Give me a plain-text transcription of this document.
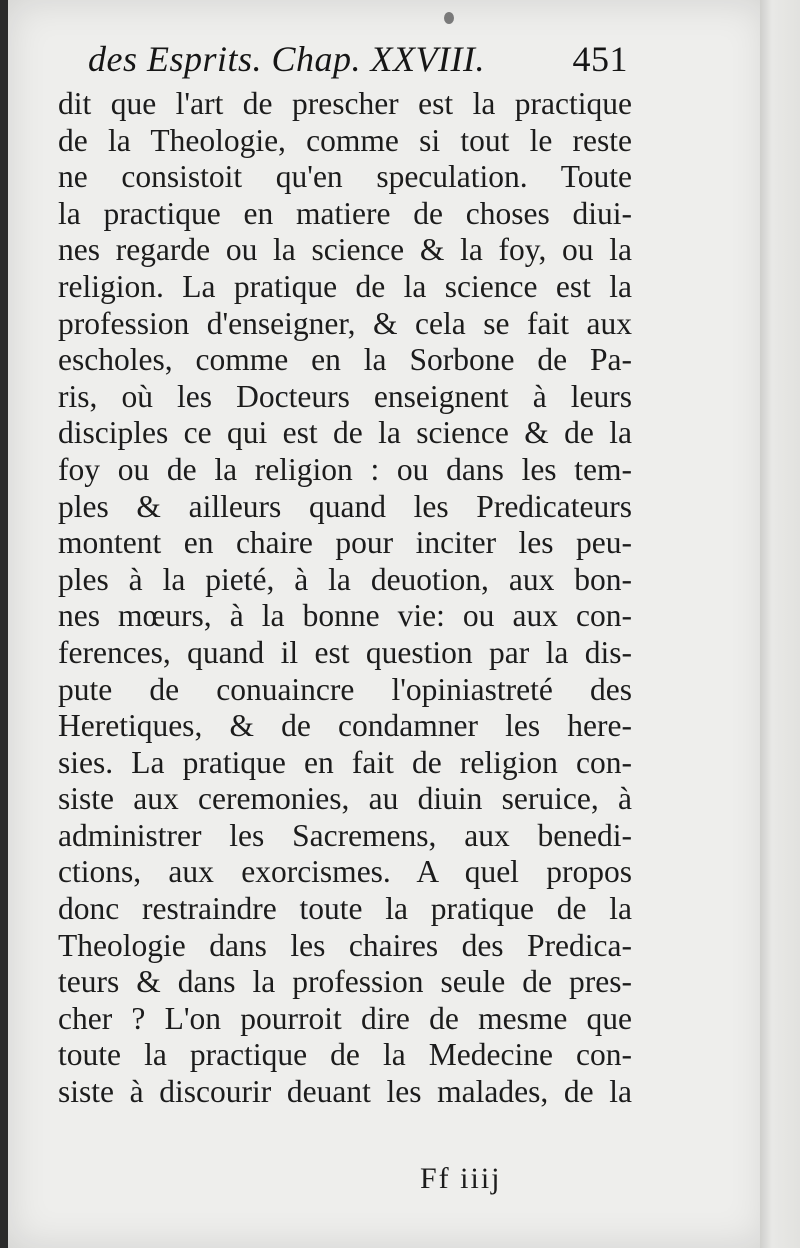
des Esprits. Chap. XXVIII. 451
dit que l'art de prescher est la practique
de la Theologie, comme si tout le reste
ne consistoit qu'en speculation. Toute
la practique en matiere de choses diui-
nes regarde ou la science & la foy, ou la
religion. La pratique de la science est la
profession d'enseigner, & cela se fait aux
escholes, comme en la Sorbone de Pa-
ris, où les Docteurs enseignent à leurs
disciples ce qui est de la science & de la
foy ou de la religion : ou dans les tem-
ples & ailleurs quand les Predicateurs
montent en chaire pour inciter les peu-
ples à la pieté, à la deuotion, aux bon-
nes mœurs, à la bonne vie: ou aux con-
ferences, quand il est question par la dis-
pute de conuaincre l'opiniastreté des
Heretiques, & de condamner les here-
sies. La pratique en fait de religion con-
siste aux ceremonies, au diuin seruice, à
administrer les Sacremens, aux benedi-
ctions, aux exorcismes. A quel propos
donc restraindre toute la pratique de la
Theologie dans les chaires des Predica-
teurs & dans la profession seule de pres-
cher ? L'on pourroit dire de mesme que
toute la practique de la Medecine con-
siste à discourir deuant les malades, de la
Ff iiij
